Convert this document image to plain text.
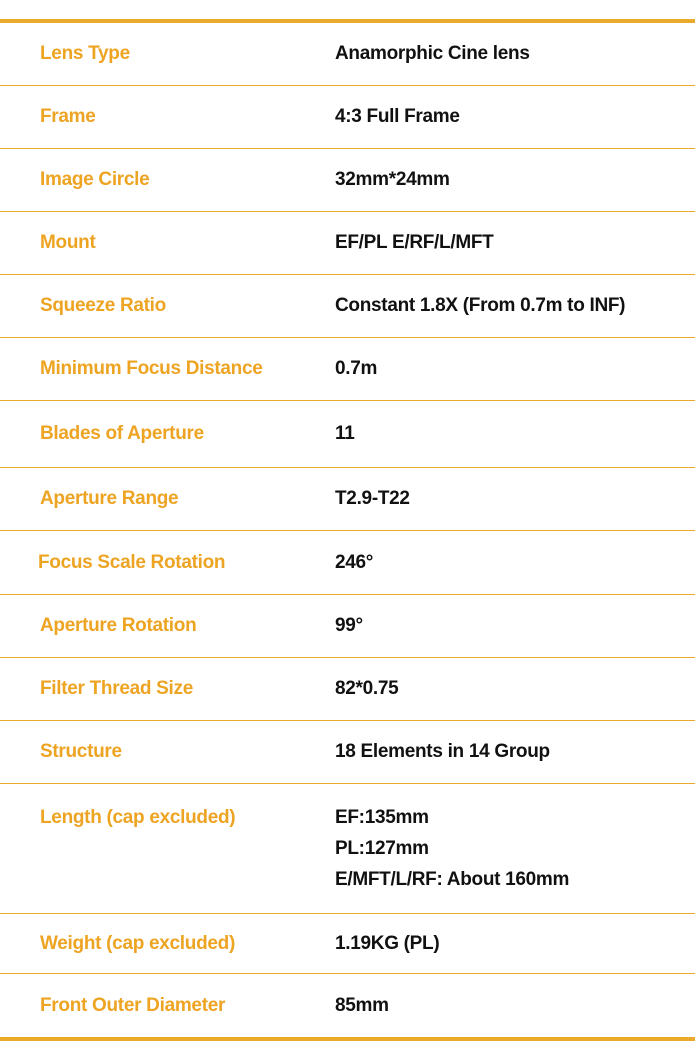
Lens Type	Anamorphic Cine lens
Frame	4:3 Full Frame
Image Circle	32mm*24mm
Mount	EF/PL E/RF/L/MFT
Squeeze Ratio	Constant 1.8X (From 0.7m to INF)
Minimum Focus Distance	0.7m
Blades of Aperture	11
Aperture Range	T2.9-T22
Focus Scale Rotation	246°
Aperture Rotation	99°
Filter Thread Size	82*0.75
Structure	18 Elements in 14 Group
Length (cap excluded)	EF:135mm
PL:127mm
E/MFT/L/RF: About 160mm
Weight (cap excluded)	1.19KG (PL)
Front Outer Diameter	85mm
